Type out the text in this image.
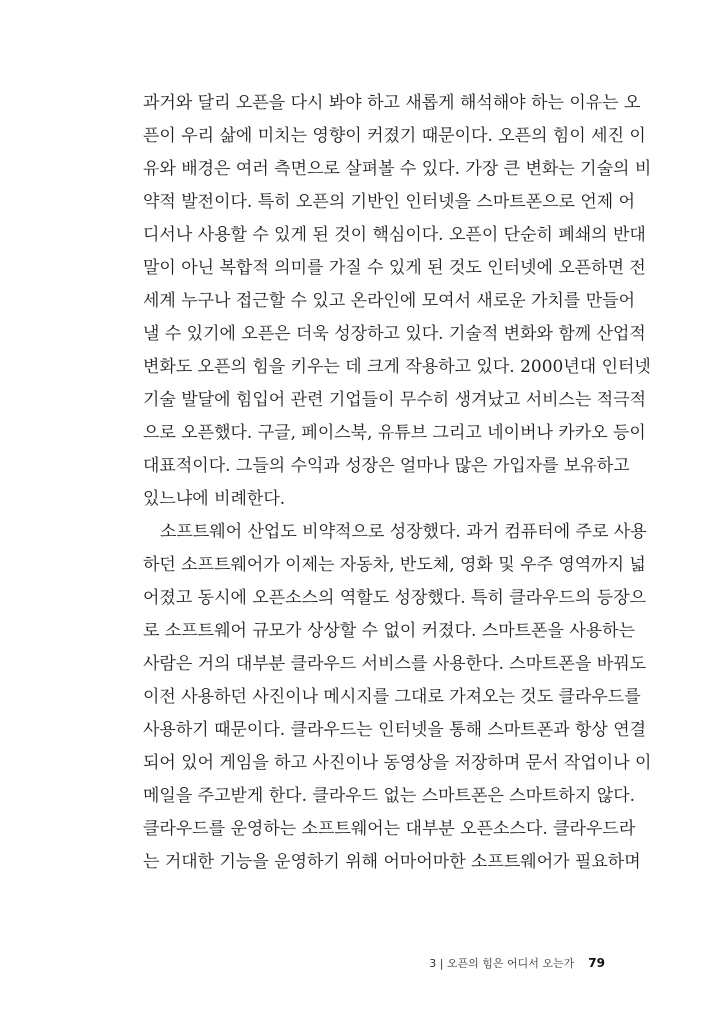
과거와 달리 오픈을 다시 봐야 하고 새롭게 해석해야 하는 이유는 오
픈이 우리 삶에 미치는 영향이 커졌기 때문이다. 오픈의 힘이 세진 이
유와 배경은 여러 측면으로 살펴볼 수 있다. 가장 큰 변화는 기술의 비
약적 발전이다. 특히 오픈의 기반인 인터넷을 스마트폰으로 언제 어
디서나 사용할 수 있게 된 것이 핵심이다. 오픈이 단순히 폐쇄의 반대
말이 아닌 복합적 의미를 가질 수 있게 된 것도 인터넷에 오픈하면 전
세계 누구나 접근할 수 있고 온라인에 모여서 새로운 가치를 만들어
낼 수 있기에 오픈은 더욱 성장하고 있다. 기술적 변화와 함께 산업적
변화도 오픈의 힘을 키우는 데 크게 작용하고 있다. 2000년대 인터넷
기술 발달에 힘입어 관련 기업들이 무수히 생겨났고 서비스는 적극적
으로 오픈했다. 구글, 페이스북, 유튜브 그리고 네이버나 카카오 등이
대표적이다. 그들의 수익과 성장은 얼마나 많은 가입자를 보유하고
있느냐에 비례한다.
소프트웨어 산업도 비약적으로 성장했다. 과거 컴퓨터에 주로 사용
하던 소프트웨어가 이제는 자동차, 반도체, 영화 및 우주 영역까지 넓
어졌고 동시에 오픈소스의 역할도 성장했다. 특히 클라우드의 등장으
로 소프트웨어 규모가 상상할 수 없이 커졌다. 스마트폰을 사용하는
사람은 거의 대부분 클라우드 서비스를 사용한다. 스마트폰을 바꿔도
이전 사용하던 사진이나 메시지를 그대로 가져오는 것도 클라우드를
사용하기 때문이다. 클라우드는 인터넷을 통해 스마트폰과 항상 연결
되어 있어 게임을 하고 사진이나 동영상을 저장하며 문서 작업이나 이
메일을 주고받게 한다. 클라우드 없는 스마트폰은 스마트하지 않다.
클라우드를 운영하는 소프트웨어는 대부분 오픈소스다. 클라우드라
는 거대한 기능을 운영하기 위해 어마어마한 소프트웨어가 필요하며
3 | 오픈의 힘은 어디서 오는가 79
